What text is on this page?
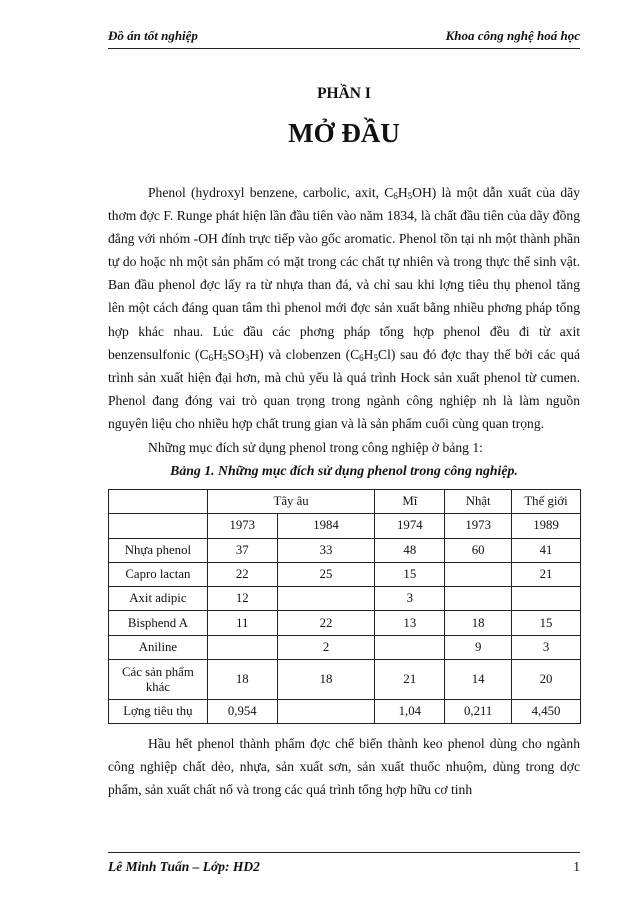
Đồ án tốt nghiệp	Khoa công nghệ hoá học
PHẦN I
MỞ ĐẦU

Phenol (hydroxyl benzene, carbolic, axit, $C_6H_5OH$) là một dẫn xuất của dãy thơm đợc F. Runge phát hiện lần đầu tiên vào năm 1834, là chất đầu tiên của dãy đồng đẳng với nhóm -OH đính trực tiếp vào gốc aromatic. Phenol tồn tại nh một thành phần tự do hoặc nh một sản phẩm có mặt trong các chất tự nhiên và trong thực thể sinh vật. Ban đầu phenol đợc lấy ra từ nhựa than đá, và chỉ sau khi lợng tiêu thụ phenol tăng lên một cách đáng quan tâm thì phenol mới đợc sản xuất bằng nhiều phơng pháp tổng hợp khác nhau. Lúc đầu các phơng pháp tổng hợp phenol đều đi từ axit benzensulfonic $(C_6H_5SO_3H)$ và clobenzen $(C_6H_5Cl)$ sau đó đợc thay thế bởi các quá trình sản xuất hiện đại hơn, mà chủ yếu là quá trình Hock sản xuất phenol từ cumen. Phenol đang đóng vai trò quan trọng trong ngành công nghiệp nh là làm nguồn nguyên liệu cho nhiều hợp chất trung gian và là sản phẩm cuối cùng quan trọng.

Những mục đích sử dụng phenol trong công nghiệp ở bảng 1:

Bảng 1. Những mục đích sử dụng phenol trong công nghiệp.
	Tây âu		Mĩ	Nhật	Thế giới
	1973	1984	1974	1973	1989
Nhựa phenol	37	33	48	60	41
Capro lactan	22	25	15		21
Axit adipic	12		3		
Bisphend A	11	22	13	18	15
Aniline		2		9	3
Các sản phẩm khác	18	18	21	14	20
Lợng tiêu thụ	0,954		1,04	0,211	4,450

Hầu hết phenol thành phẩm đợc chế biến thành keo phenol dùng cho ngành công nghiệp chất dẻo, nhựa, sản xuất sơn, sản xuất thuốc nhuộm, dùng trong dợc phẩm, sản xuất chất nổ và trong các quá trình tổng hợp hữu cơ tinh

Lê Minh Tuấn – Lớp: HD2	1
